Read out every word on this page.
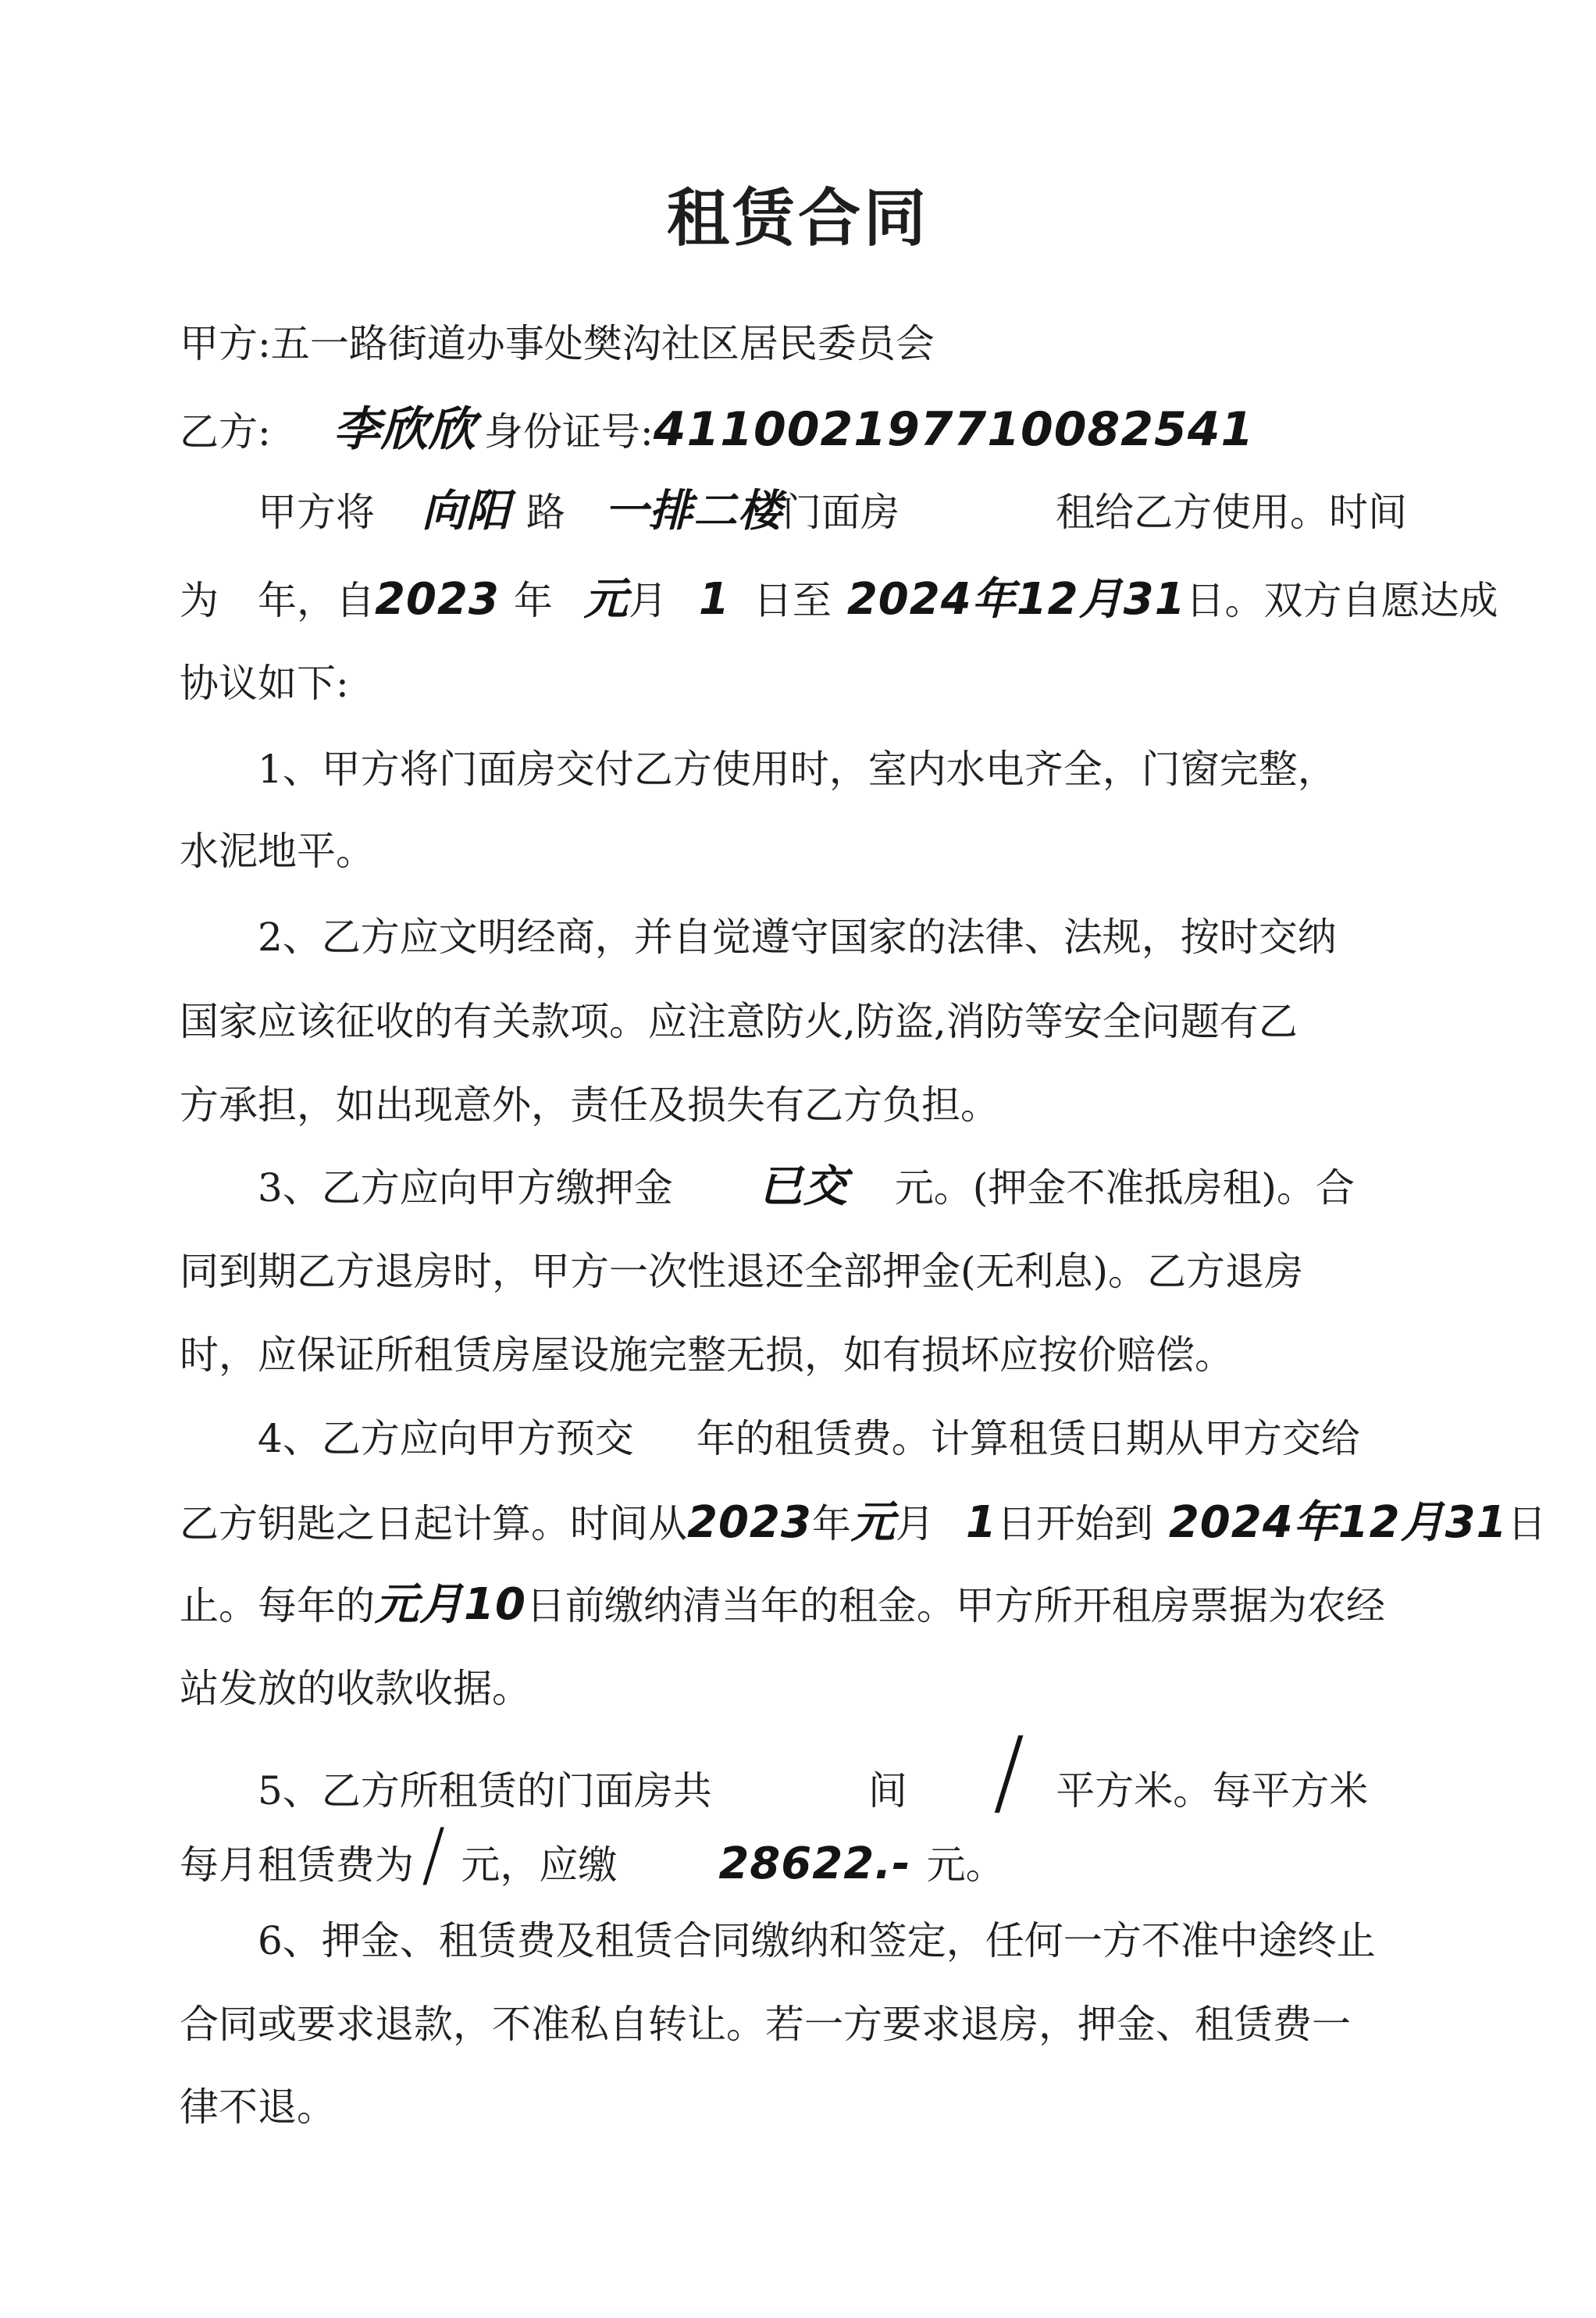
租赁合同
甲方:五一路街道办事处樊沟社区居民委员会
乙方: 李欣欣 身份证号:411002197710082541
甲方将 向阳 路 一排二楼门面房	租给乙方使用。时间
为 年，自2023 年 元月 1 日至 2024年12月31日。双方自愿达成
协议如下:
1、甲方将门面房交付乙方使用时，室内水电齐全，门窗完整，
水泥地平。
2、乙方应文明经商，并自觉遵守国家的法律、法规，按时交纳
国家应该征收的有关款项。应注意防火,防盗,消防等安全问题有乙
方承担，如出现意外，责任及损失有乙方负担。
3、乙方应向甲方缴押金 已交 元。(押金不准抵房租)。合
同到期乙方退房时，甲方一次性退还全部押金(无利息)。乙方退房
时，应保证所租赁房屋设施完整无损，如有损坏应按价赔偿。
4、乙方应向甲方预交 年的租赁费。计算租赁日期从甲方交给
乙方钥匙之日起计算。时间从2023年元月 1日开始到 2024年12月31日
止。每年的元月10日前缴纳清当年的租金。甲方所开租房票据为农经
站发放的收款收据。
5、乙方所租赁的门面房共	间 / 平方米。每平方米
每月租赁费为 / 元，应缴 28622.- 元。
6、押金、租赁费及租赁合同缴纳和签定，任何一方不准中途终止
合同或要求退款，不准私自转让。若一方要求退房，押金、租赁费一
律不退。
